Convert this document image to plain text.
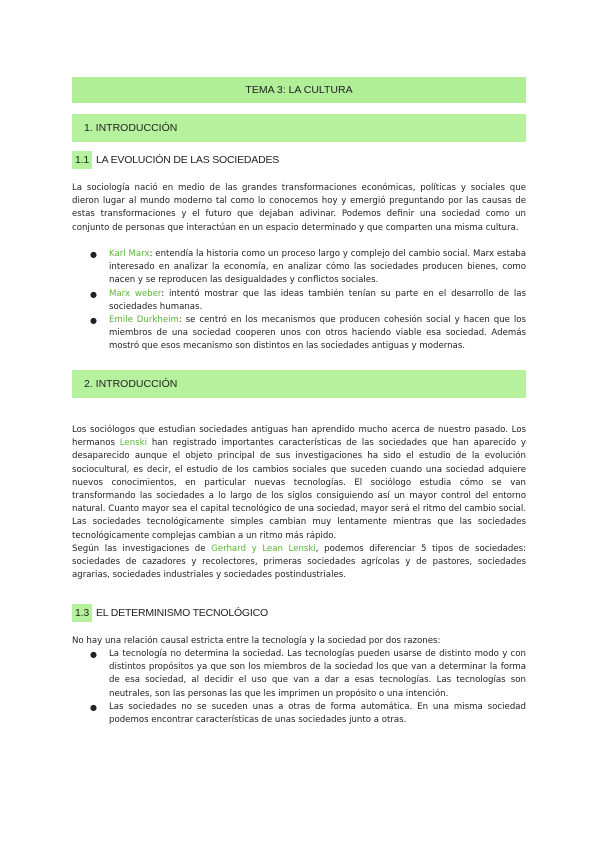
TEMA 3: LA CULTURA
1. INTRODUCCIÓN
1.1 LA EVOLUCIÓN DE LAS SOCIEDADES
La sociología nació en medio de las grandes transformaciones económicas, políticas y sociales que dieron lugar al mundo moderno tal como lo conocemos hoy y emergió preguntando por las causas de estas transformaciones y el futuro que dejaban adivinar. Podemos definir una sociedad como un conjunto de personas que interactúan en un espacio determinado y que comparten una misma cultura.
● Karl Marx: entendía la historia como un proceso largo y complejo del cambio social. Marx estaba interesado en analizar la economía, en analizar cómo las sociedades producen bienes, como nacen y se reproducen las desigualdades y conflictos sociales.
● Marx weber: intentó mostrar que las ideas también tenían su parte en el desarrollo de las sociedades humanas.
● Emile Durkheim: se centró en los mecanismos que producen cohesión social y hacen que los miembros de una sociedad cooperen unos con otros haciendo viable esa sociedad. Además mostró que esos mecanismo son distintos en las sociedades antiguas y modernas.
2. INTRODUCCIÓN
Los sociólogos que estudian sociedades antiguas han aprendido mucho acerca de nuestro pasado. Los hermanos Lenski han registrado importantes características de las sociedades que han aparecido y desaparecido aunque el objeto principal de sus investigaciones ha sido el estudio de la evolución sociocultural, es decir, el estudio de los cambios sociales que suceden cuando una sociedad adquiere nuevos conocimientos, en particular nuevas tecnologías. El sociólogo estudia cómo se van transformando las sociedades a lo largo de los siglos consiguiendo así un mayor control del entorno natural. Cuanto mayor sea el capital tecnológico de una sociedad, mayor será el ritmo del cambio social. Las sociedades tecnológicamente simples cambian muy lentamente mientras que las sociedades tecnológicamente complejas cambian a un ritmo más rápido.
Según las investigaciones de Gerhard y Lean Lenski, podemos diferenciar 5 tipos de sociedades: sociedades de cazadores y recolectores, primeras sociedades agrícolas y de pastores, sociedades agrarias, sociedades industriales y sociedades postindustriales.
1.3 EL DETERMINISMO TECNOLÓGICO
No hay una relación causal estricta entre la tecnología y la sociedad por dos razones:
● La tecnología no determina la sociedad. Las tecnologías pueden usarse de distinto modo y con distintos propósitos ya que son los miembros de la sociedad los que van a determinar la forma de esa sociedad, al decidir el uso que van a dar a esas tecnologías. Las tecnologías son neutrales, son las personas las que les imprimen un propósito o una intención.
● Las sociedades no se suceden unas a otras de forma automática. En una misma sociedad podemos encontrar características de unas sociedades junto a otras.
